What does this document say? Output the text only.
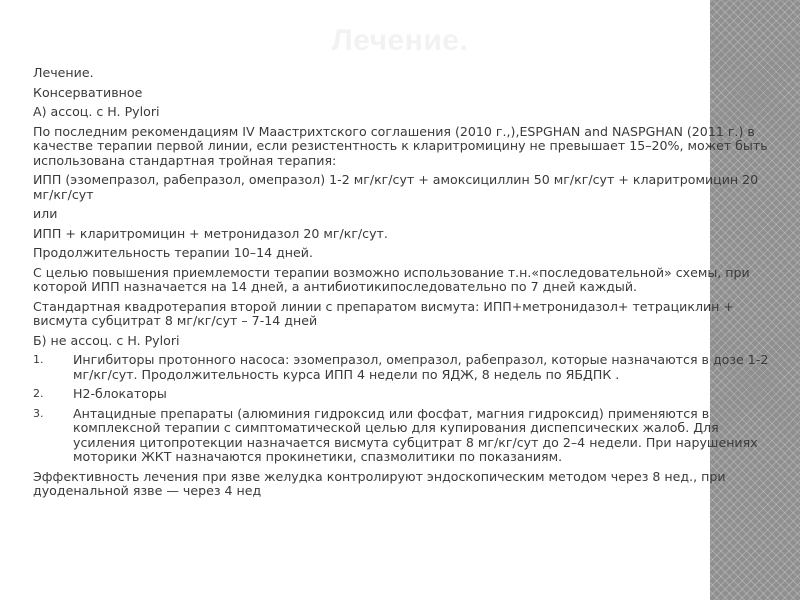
Лечение.
Лечение.
Консервативное
А) ассоц. с H. Pylori
По последним рекомендациям IV Маастрихтского соглашения (2010 г.,),ESPGHAN and NASPGHAN (2011 г.) в качестве терапии первой линии, если резистентность к кларитромицину не превышает 15–20%, может быть использована стандартная тройная терапия:
ИПП (эзомепразол, рабепразол, омепразол) 1-2 мг/кг/сут + амоксициллин 50 мг/кг/сут + кларитромицин 20 мг/кг/сут
или
ИПП + кларитромицин + метронидазол 20 мг/кг/сут.
Продолжительность терапии 10–14 дней.
С целью повышения приемлемости терапии возможно использование т.н.«последовательной» схемы, при которой ИПП назначается на 14 дней, а антибиотикипоследовательно по 7 дней каждый.
Стандартная квадротерапия второй линии с препаратом висмута: ИПП+метронидазол+ тетрациклин + висмута субцитрат 8 мг/кг/сут – 7-14 дней
Б) не ассоц. с H. Pylori
1. Ингибиторы протонного насоса: эзомепразол, омепразол, рабепразол, которые назначаются в дозе 1-2 мг/кг/сут. Продолжительность курса ИПП 4 недели по ЯДЖ, 8 недель по ЯБДПК .
2. Н2-блокаторы
3. Антацидные препараты (алюминия гидроксид или фосфат, магния гидроксид) применяются в комплексной терапии с симптоматической целью для купирования диспепсических жалоб. Для усиления цитопротекции назначается висмута субцитрат 8 мг/кг/сут до 2–4 недели. При нарушениях моторики ЖКТ назначаются прокинетики, спазмолитики по показаниям.
Эффективность лечения при язве желудка контролируют эндоскопическим методом через 8 нед., при дуоденальной язве — через 4 нед
